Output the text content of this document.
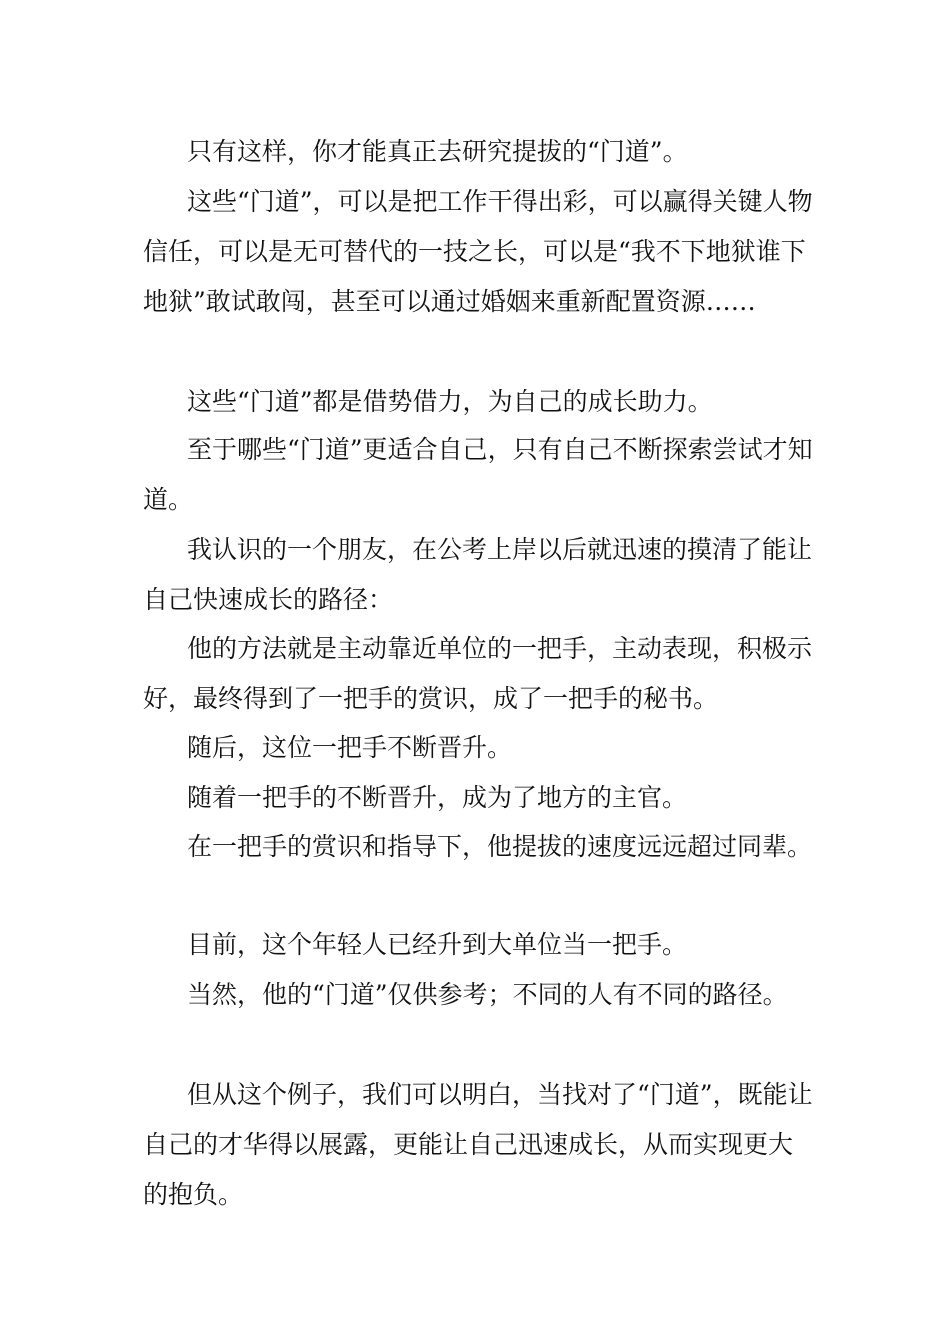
只有这样，你才能真正去研究提拔的“门道”。

这些“门道”，可以是把工作干得出彩，可以赢得关键人物信任，可以是无可替代的一技之长，可以是“我不下地狱谁下地狱”敢试敢闯，甚至可以通过婚姻来重新配置资源……

这些“门道”都是借势借力，为自己的成长助力。

至于哪些“门道”更适合自己，只有自己不断探索尝试才知道。

我认识的一个朋友，在公考上岸以后就迅速的摸清了能让自己快速成长的路径：

他的方法就是主动靠近单位的一把手，主动表现，积极示好，最终得到了一把手的赏识，成了一把手的秘书。

随后，这位一把手不断晋升。

随着一把手的不断晋升，成为了地方的主官。

在一把手的赏识和指导下，他提拔的速度远远超过同辈。

目前，这个年轻人已经升到大单位当一把手。

当然，他的“门道”仅供参考；不同的人有不同的路径。

但从这个例子，我们可以明白，当找对了“门道”，既能让自己的才华得以展露，更能让自己迅速成长，从而实现更大的抱负。
